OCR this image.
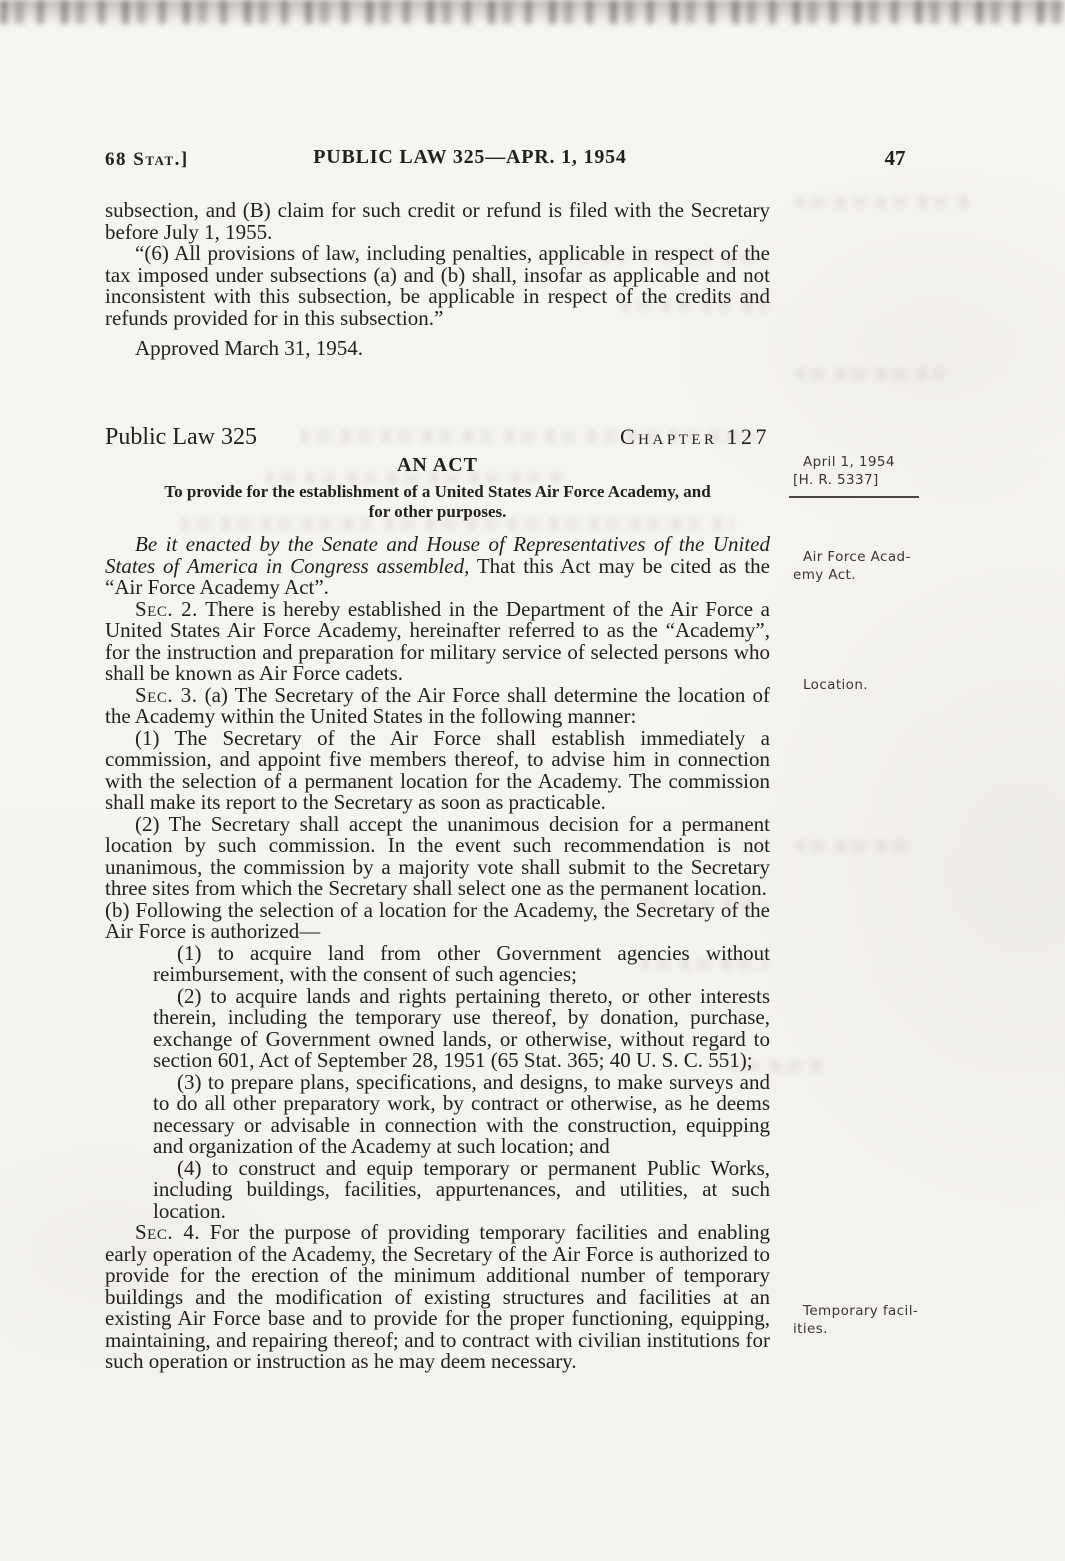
68 Stat.]	PUBLIC LAW 325—APR. 1, 1954	47

subsection, and (B) claim for such credit or refund is filed with the Secretary before July 1, 1955.

“(6) All provisions of law, including penalties, applicable in respect of the tax imposed under subsections (a) and (b) shall, insofar as applicable and not inconsistent with this subsection, be applicable in respect of the credits and refunds provided for in this subsection.”

Approved March 31, 1954.

Public Law 325	Chapter 127
AN ACT
To provide for the establishment of a United States Air Force Academy, and
for other purposes.

Be it enacted by the Senate and House of Representatives of the United States of America in Congress assembled, That this Act may be cited as the “Air Force Academy Act”.

Sec. 2. There is hereby established in the Department of the Air Force a United States Air Force Academy, hereinafter referred to as the “Academy”, for the instruction and preparation for military service of selected persons who shall be known as Air Force cadets.

Sec. 3. (a) The Secretary of the Air Force shall determine the location of the Academy within the United States in the following manner:

(1) The Secretary of the Air Force shall establish immediately a commission, and appoint five members thereof, to advise him in connection with the selection of a permanent location for the Academy. The commission shall make its report to the Secretary as soon as practicable.

(2) The Secretary shall accept the unanimous decision for a permanent location by such commission. In the event such recommendation is not unanimous, the commission by a majority vote shall submit to the Secretary three sites from which the Secretary shall select one as the permanent location.

(b) Following the selection of a location for the Academy, the Secretary of the Air Force is authorized—

(1) to acquire land from other Government agencies without reimbursement, with the consent of such agencies;

(2) to acquire lands and rights pertaining thereto, or other interests therein, including the temporary use thereof, by donation, purchase, exchange of Government owned lands, or otherwise, without regard to section 601, Act of September 28, 1951 (65 Stat. 365; 40 U. S. C. 551);

(3) to prepare plans, specifications, and designs, to make surveys and to do all other preparatory work, by contract or otherwise, as he deems necessary or advisable in connection with the construction, equipping and organization of the Academy at such location; and

(4) to construct and equip temporary or permanent Public Works, including buildings, facilities, appurtenances, and utilities, at such location.

Sec. 4. For the purpose of providing temporary facilities and enabling early operation of the Academy, the Secretary of the Air Force is authorized to provide for the erection of the minimum additional number of temporary buildings and the modification of existing structures and facilities at an existing Air Force base and to provide for the proper functioning, equipping, maintaining, and repairing thereof; and to contract with civilian institutions for such operation or instruction as he may deem necessary.

April 1, 1954
[H. R. 5337]
Air Force Acad-
emy Act.
Location.
Temporary facil-
ities.
